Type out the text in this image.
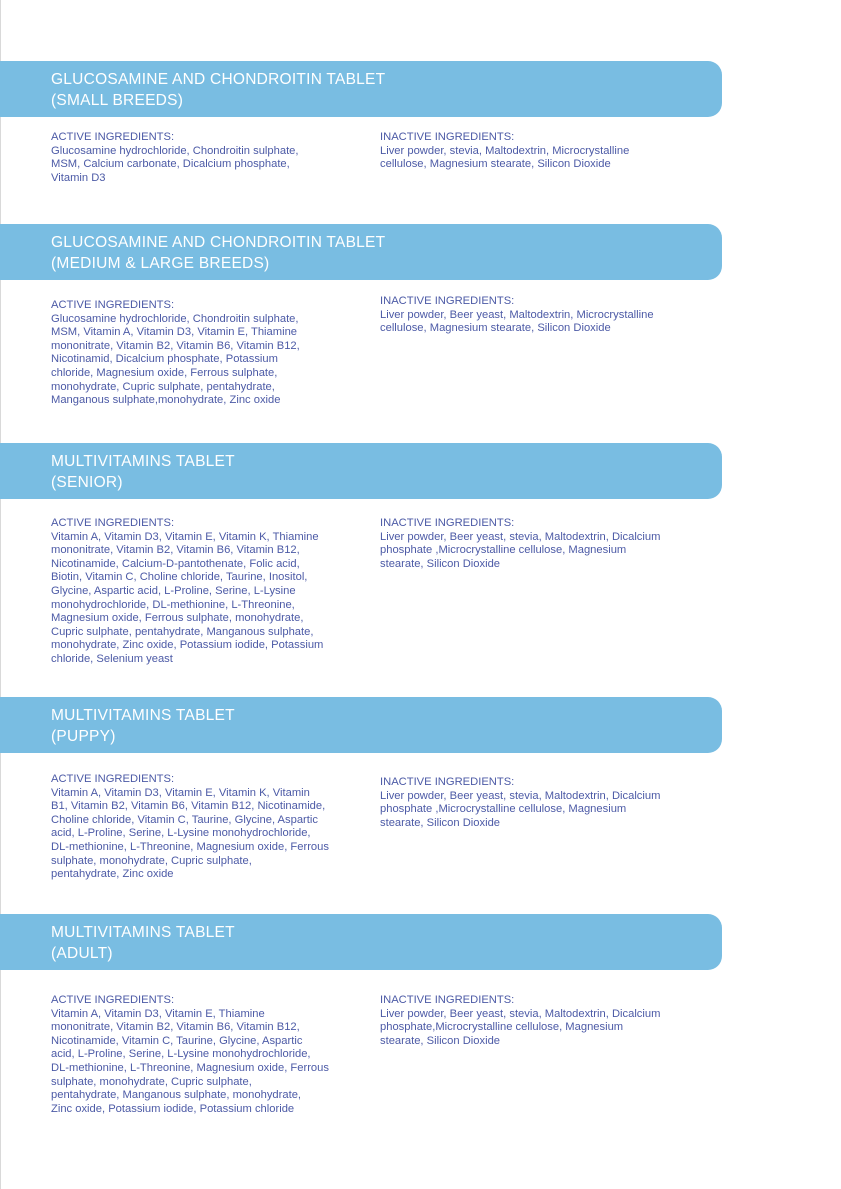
GLUCOSAMINE AND CHONDROITIN TABLET
(SMALL BREEDS)
ACTIVE INGREDIENTS:
Glucosamine hydrochloride, Chondroitin sulphate,
MSM, Calcium carbonate, Dicalcium phosphate,
Vitamin D3
INACTIVE INGREDIENTS:
Liver powder, stevia, Maltodextrin, Microcrystalline
cellulose, Magnesium stearate, Silicon Dioxide
GLUCOSAMINE AND CHONDROITIN TABLET
(MEDIUM & LARGE BREEDS)
ACTIVE INGREDIENTS:
Glucosamine hydrochloride, Chondroitin sulphate,
MSM, Vitamin A, Vitamin D3, Vitamin E, Thiamine
mononitrate, Vitamin B2, Vitamin B6, Vitamin B12,
Nicotinamid, Dicalcium phosphate, Potassium
chloride, Magnesium oxide, Ferrous sulphate,
monohydrate, Cupric sulphate, pentahydrate,
Manganous sulphate,monohydrate, Zinc oxide
INACTIVE INGREDIENTS:
Liver powder, Beer yeast, Maltodextrin, Microcrystalline
cellulose, Magnesium stearate, Silicon Dioxide
MULTIVITAMINS TABLET
(SENIOR)
ACTIVE INGREDIENTS:
Vitamin A, Vitamin D3, Vitamin E, Vitamin K, Thiamine
mononitrate, Vitamin B2, Vitamin B6, Vitamin B12,
Nicotinamide, Calcium-D-pantothenate, Folic acid,
Biotin, Vitamin C, Choline chloride, Taurine, Inositol,
Glycine, Aspartic acid, L-Proline, Serine, L-Lysine
monohydrochloride, DL-methionine, L-Threonine,
Magnesium oxide, Ferrous sulphate, monohydrate,
Cupric sulphate, pentahydrate, Manganous sulphate,
monohydrate, Zinc oxide, Potassium iodide, Potassium
chloride, Selenium yeast
INACTIVE INGREDIENTS:
Liver powder, Beer yeast, stevia, Maltodextrin, Dicalcium
phosphate ,Microcrystalline cellulose, Magnesium
stearate, Silicon Dioxide
MULTIVITAMINS TABLET
(PUPPY)
ACTIVE INGREDIENTS:
Vitamin A, Vitamin D3, Vitamin E, Vitamin K, Vitamin
B1, Vitamin B2, Vitamin B6, Vitamin B12, Nicotinamide,
Choline chloride, Vitamin C, Taurine, Glycine, Aspartic
acid, L-Proline, Serine, L-Lysine monohydrochloride,
DL-methionine, L-Threonine, Magnesium oxide, Ferrous
sulphate, monohydrate, Cupric sulphate,
pentahydrate, Zinc oxide
INACTIVE INGREDIENTS:
Liver powder, Beer yeast, stevia, Maltodextrin, Dicalcium
phosphate ,Microcrystalline cellulose, Magnesium
stearate, Silicon Dioxide
MULTIVITAMINS TABLET
(ADULT)
ACTIVE INGREDIENTS:
Vitamin A, Vitamin D3, Vitamin E, Thiamine
mononitrate, Vitamin B2, Vitamin B6, Vitamin B12,
Nicotinamide, Vitamin C, Taurine, Glycine, Aspartic
acid, L-Proline, Serine, L-Lysine monohydrochloride,
DL-methionine, L-Threonine, Magnesium oxide, Ferrous
sulphate, monohydrate, Cupric sulphate,
pentahydrate, Manganous sulphate, monohydrate,
Zinc oxide, Potassium iodide, Potassium chloride
INACTIVE INGREDIENTS:
Liver powder, Beer yeast, stevia, Maltodextrin, Dicalcium
phosphate,Microcrystalline cellulose, Magnesium
stearate, Silicon Dioxide
